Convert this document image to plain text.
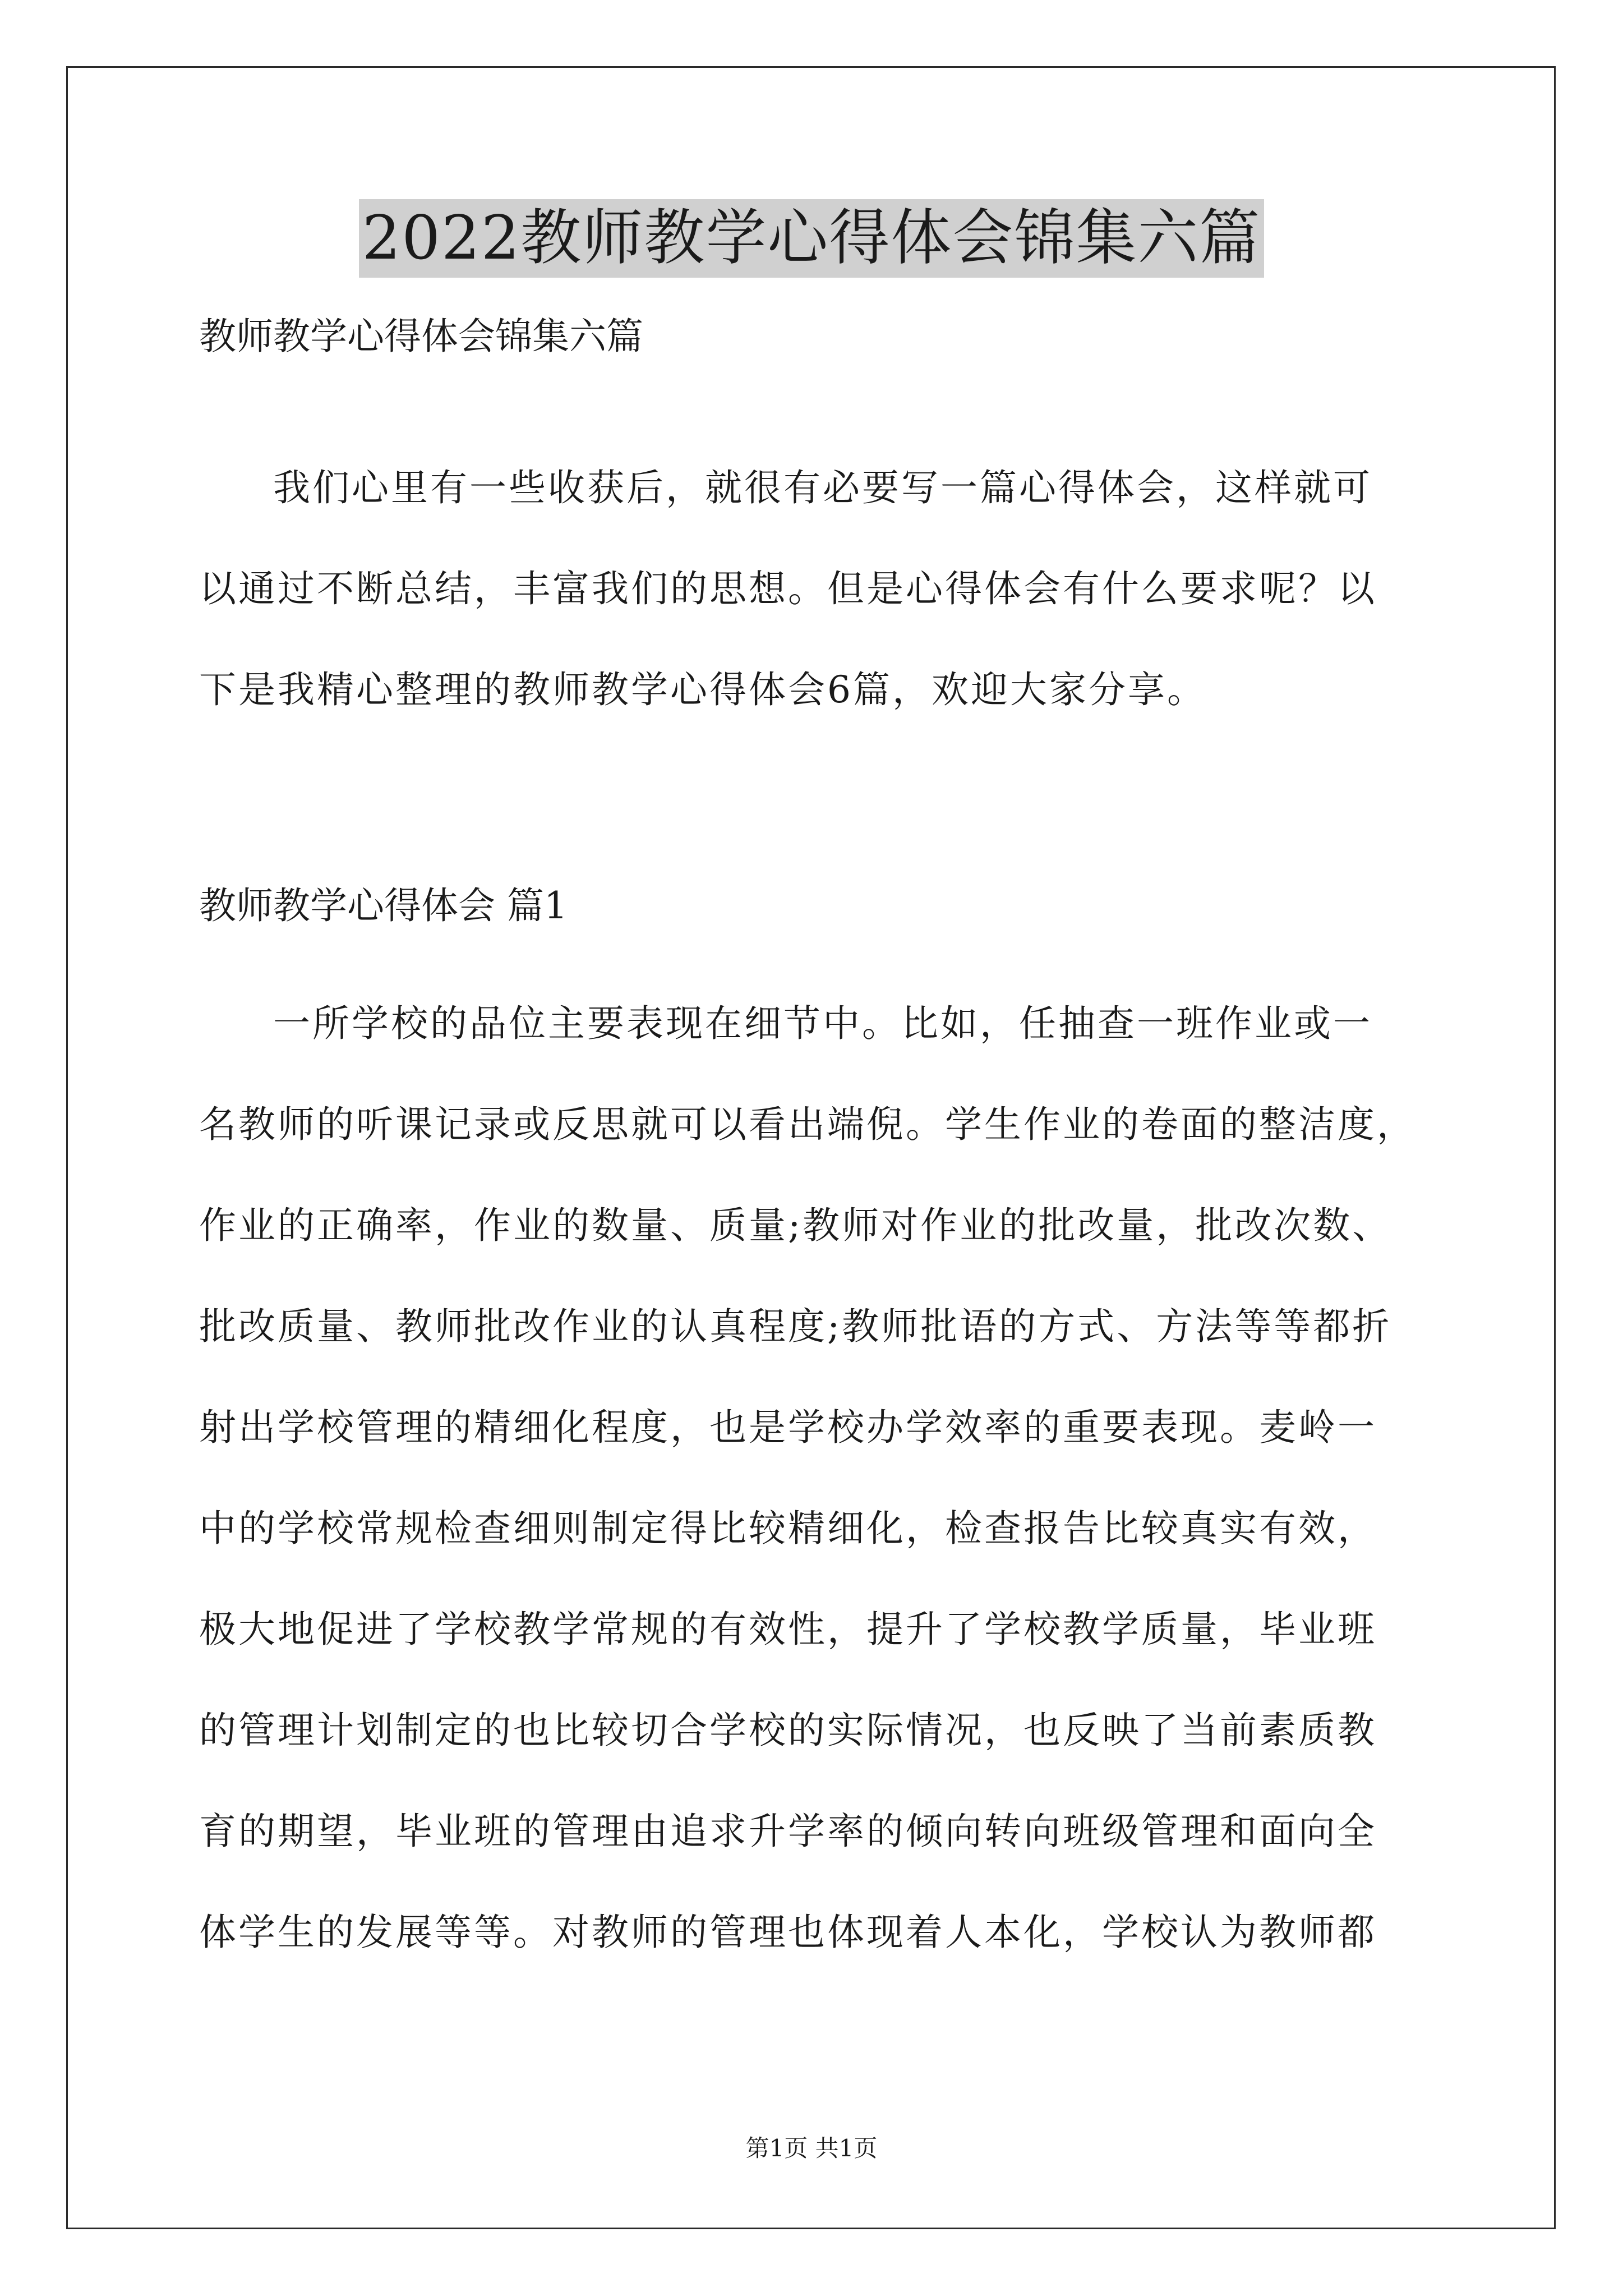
2022教师教学心得体会锦集六篇
教师教学心得体会锦集六篇
我们心里有一些收获后，就很有必要写一篇心得体会，这样就可
以通过不断总结，丰富我们的思想。但是心得体会有什么要求呢？以
下是我精心整理的教师教学心得体会6篇，欢迎大家分享。
教师教学心得体会 篇1
一所学校的品位主要表现在细节中。比如，任抽查一班作业或一
名教师的听课记录或反思就可以看出端倪。学生作业的卷面的整洁度，
作业的正确率，作业的数量、质量;教师对作业的批改量，批改次数、
批改质量、教师批改作业的认真程度;教师批语的方式、方法等等都折
射出学校管理的精细化程度，也是学校办学效率的重要表现。麦岭一
中的学校常规检查细则制定得比较精细化，检查报告比较真实有效，
极大地促进了学校教学常规的有效性，提升了学校教学质量，毕业班
的管理计划制定的也比较切合学校的实际情况，也反映了当前素质教
育的期望，毕业班的管理由追求升学率的倾向转向班级管理和面向全
体学生的发展等等。对教师的管理也体现着人本化，学校认为教师都
第1页 共1页
